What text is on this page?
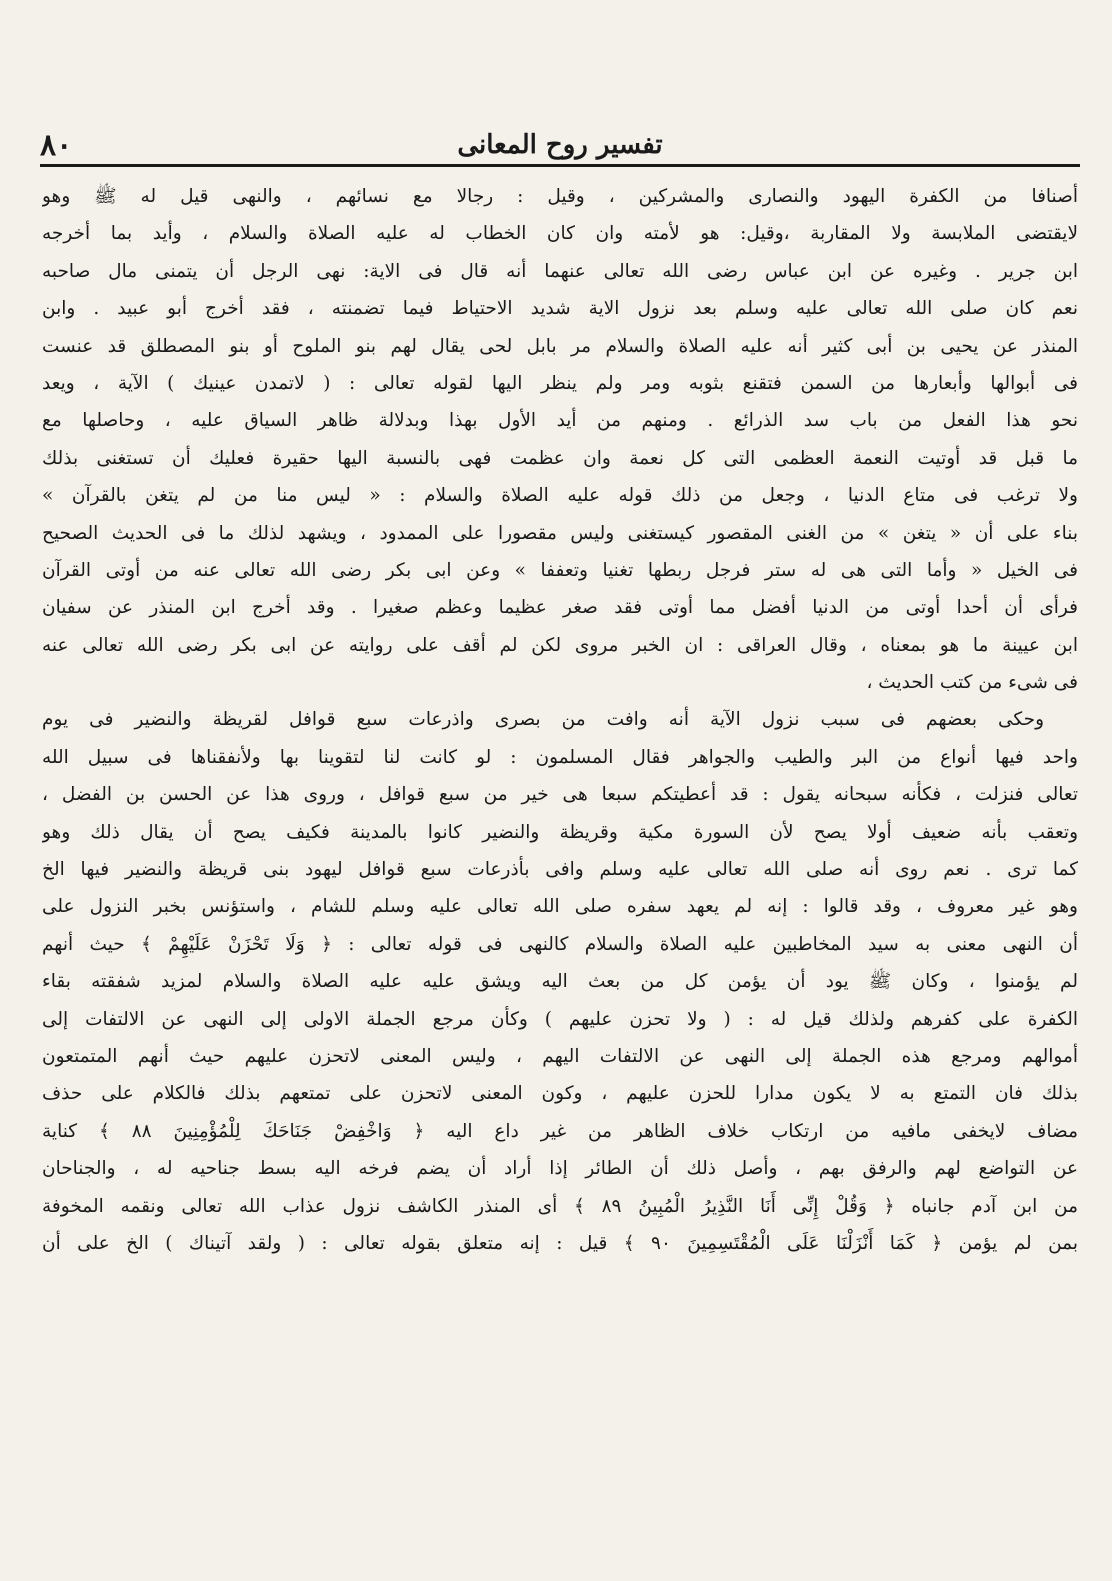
٨٠	تفسير روح المعانى
أصنافا من الكفرة اليهود والنصارى والمشركين ، وقيل : رجالا مع نسائهم ، والنهى قيل له ﷺ وهو
لايقتضى الملابسة ولا المقاربة ،وقيل: هو لأمته وان كان الخطاب له عليه الصلاة والسلام ، وأيد بما أخرجه
ابن جرير . وغيره عن ابن عباس رضى الله تعالى عنهما أنه قال فى الاية: نهى الرجل أن يتمنى مال صاحبه
نعم كان صلى الله تعالى عليه وسلم بعد نزول الاية شديد الاحتياط فيما تضمنته ، فقد أخرج أبو عبيد . وابن
المنذر عن يحيى بن أبى كثير أنه عليه الصلاة والسلام مر بابل لحى يقال لهم بنو الملوح أو بنو المصطلق قد عنست
فى أبوالها وأبعارها من السمن فتقنع بثوبه ومر ولم ينظر اليها لقوله تعالى : ( لاتمدن عينيك ) الآية ، ويعد
نحو هذا الفعل من باب سد الذرائع . ومنهم من أيد الأول بهذا وبدلالة ظاهر السياق عليه ، وحاصلها مع
ما قبل قد أوتيت النعمة العظمى التى كل نعمة وان عظمت فهى بالنسبة اليها حقيرة فعليك أن تستغنى بذلك
ولا ترغب فى متاع الدنيا ، وجعل من ذلك قوله عليه الصلاة والسلام : « ليس منا من لم يتغن بالقرآن »
بناء على أن « يتغن » من الغنى المقصور كيستغنى وليس مقصورا على الممدود ، ويشهد لذلك ما فى الحديث الصحيح
فى الخيل « وأما التى هى له ستر فرجل ربطها تغنيا وتعففا » وعن ابى بكر رضى الله تعالى عنه من أوتى القرآن
فرأى أن أحدا أوتى من الدنيا أفضل مما أوتى فقد صغر عظيما وعظم صغيرا . وقد أخرج ابن المنذر عن سفيان
ابن عيينة ما هو بمعناه ، وقال العراقى : ان الخبر مروى لكن لم أقف على روايته عن ابى بكر رضى الله تعالى عنه
فى شىء من كتب الحديث ،
وحكى بعضهم فى سبب نزول الآية أنه وافت من بصرى واذرعات سبع قوافل لقريظة والنضير فى يوم
واحد فيها أنواع من البر والطيب والجواهر فقال المسلمون : لو كانت لنا لتقوينا بها ولأنفقناها فى سبيل الله
تعالى فنزلت ، فكأنه سبحانه يقول : قد أعطيتكم سبعا هى خير من سبع قوافل ، وروى هذا عن الحسن بن الفضل ،
وتعقب بأنه ضعيف أولا يصح لأن السورة مكية وقريظة والنضير كانوا بالمدينة فكيف يصح أن يقال ذلك وهو
كما ترى . نعم روى أنه صلى الله تعالى عليه وسلم وافى بأذرعات سبع قوافل ليهود بنى قريظة والنضير فيها الخ
وهو غير معروف ، وقد قالوا : إنه لم يعهد سفره صلى الله تعالى عليه وسلم للشام ، واستؤنس بخبر النزول على
أن النهى معنى به سيد المخاطبين عليه الصلاة والسلام كالنهى فى قوله تعالى : ﴿ وَلَا تَحْزَنْ عَلَيْهِمْ ﴾ حيث أنهم
لم يؤمنوا ، وكان ﷺ يود أن يؤمن كل من بعث اليه ويشق عليه عليه الصلاة والسلام لمزيد شفقته بقاء
الكفرة على كفرهم ولذلك قيل له : ( ولا تحزن عليهم ) وكأن مرجع الجملة الاولى إلى النهى عن الالتفات إلى
أموالهم ومرجع هذه الجملة إلى النهى عن الالتفات اليهم ، وليس المعنى لاتحزن عليهم حيث أنهم المتمتعون
بذلك فان التمتع به لا يكون مدارا للحزن عليهم ، وكون المعنى لاتحزن على تمتعهم بذلك فالكلام على حذف
مضاف لايخفى مافيه من ارتكاب خلاف الظاهر من غير داع اليه ﴿ وَاخْفِضْ جَنَاحَكَ لِلْمُؤْمِنِينَ ٨٨ ﴾ كناية
عن التواضع لهم والرفق بهم ، وأصل ذلك أن الطائر إذا أراد أن يضم فرخه اليه بسط جناحيه له ، والجناحان
من ابن آدم جانباه ﴿ وَقُلْ إِنِّى أَنَا النَّذِيرُ الْمُبِينُ ٨٩ ﴾ أى المنذر الكاشف نزول عذاب الله تعالى ونقمه المخوفة
بمن لم يؤمن ﴿ كَمَا أَنْزَلْنَا عَلَى الْمُقْتَسِمِينَ ٩٠ ﴾ قيل : إنه متعلق بقوله تعالى : ( ولقد آتيناك ) الخ على أن
